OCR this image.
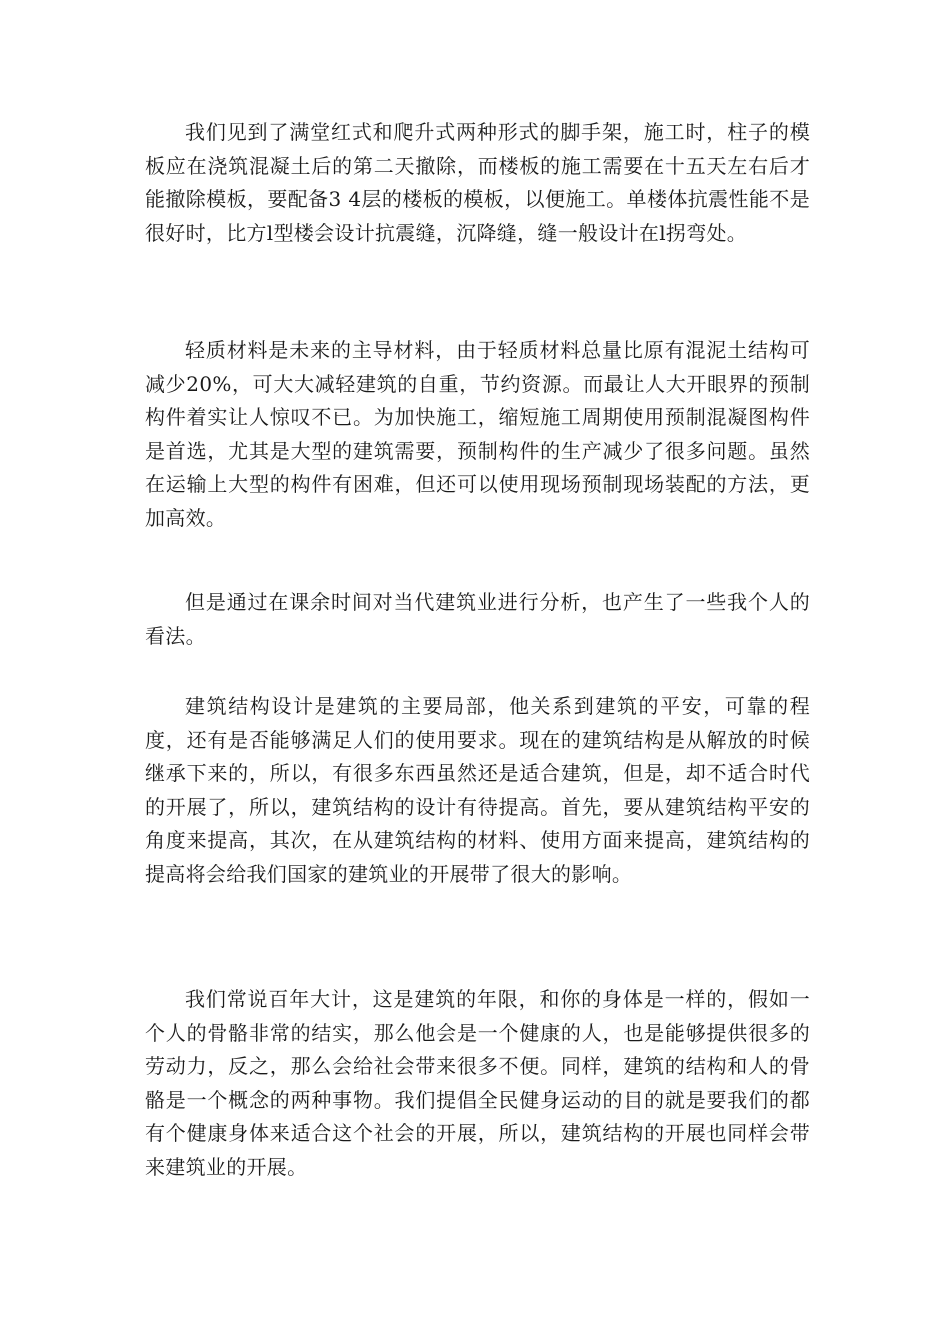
我们见到了满堂红式和爬升式两种形式的脚手架，施工时，柱子的模板应在浇筑混凝土后的第二天撤除，而楼板的施工需要在十五天左右后才能撤除模板，要配备3 4层的楼板的模板，以便施工。单楼体抗震性能不是很好时，比方l型楼会设计抗震缝，沉降缝，缝一般设计在l拐弯处。

轻质材料是未来的主导材料，由于轻质材料总量比原有混泥土结构可减少20%，可大大减轻建筑的自重，节约资源。而最让人大开眼界的预制构件着实让人惊叹不已。为加快施工，缩短施工周期使用预制混凝图构件是首选，尤其是大型的建筑需要，预制构件的生产减少了很多问题。虽然在运输上大型的构件有困难，但还可以使用现场预制现场装配的方法，更加高效。

但是通过在课余时间对当代建筑业进行分析，也产生了一些我个人的看法。

建筑结构设计是建筑的主要局部，他关系到建筑的平安，可靠的程度，还有是否能够满足人们的使用要求。现在的建筑结构是从解放的时候继承下来的，所以，有很多东西虽然还是适合建筑，但是，却不适合时代的开展了，所以，建筑结构的设计有待提高。首先，要从建筑结构平安的角度来提高，其次，在从建筑结构的材料、使用方面来提高，建筑结构的提高将会给我们国家的建筑业的开展带了很大的影响。

我们常说百年大计，这是建筑的年限，和你的身体是一样的，假如一个人的骨骼非常的结实，那么他会是一个健康的人，也是能够提供很多的劳动力，反之，那么会给社会带来很多不便。同样，建筑的结构和人的骨骼是一个概念的两种事物。我们提倡全民健身运动的目的就是要我们的都有个健康身体来适合这个社会的开展，所以，建筑结构的开展也同样会带来建筑业的开展。
